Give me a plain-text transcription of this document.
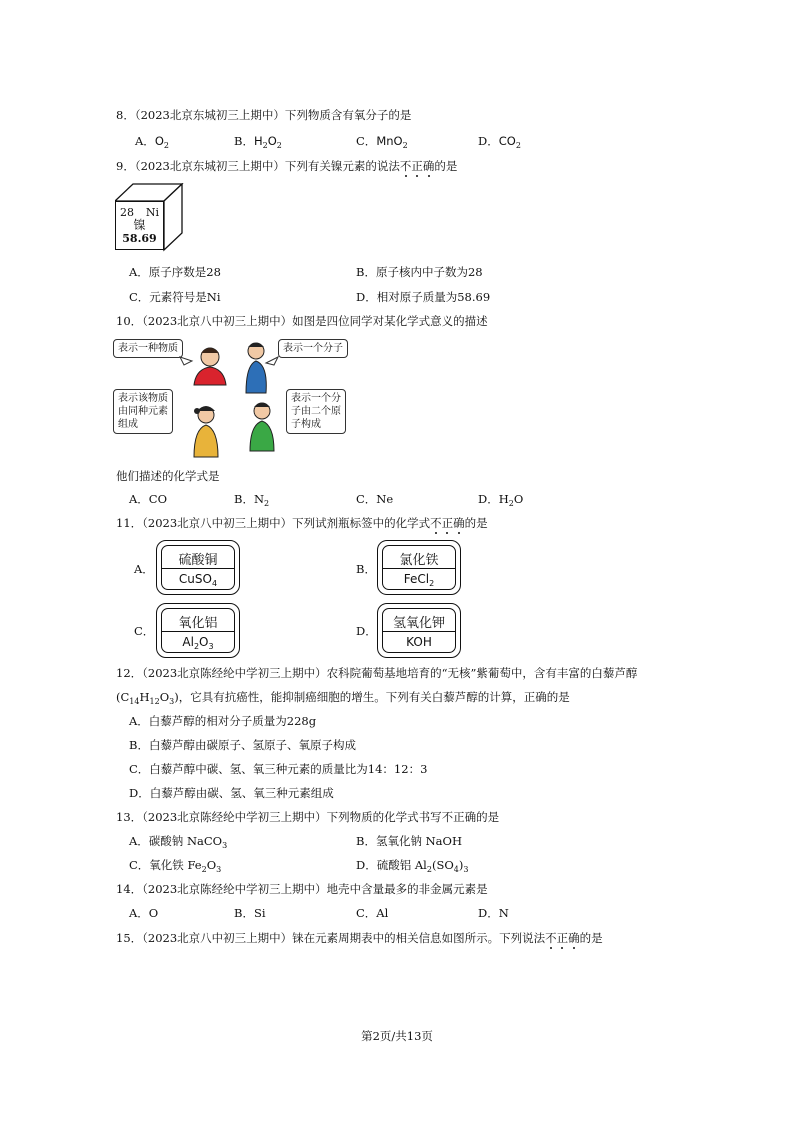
8．（2023北京东城初三上期中）下列物质含有氧分子的是
A．$O_2$	B．$H_2O_2$	C．MnO$_2$	D．$CO_2$
9．（2023北京东城初三上期中）下列有关镍元素的说法不正确的是
28 Ni
镍
58.69
A．原子序数是28	B．原子核内中子数为28
C．元素符号是Ni	D．相对原子质量为58.69
10．（2023北京八中初三上期中）如图是四位同学对某化学式意义的描述
表示一种物质	表示一个分子
表示该物质由同种元素组成
表示一个分子由二个原子构成
他们描述的化学式是
A．CO	B．$N_2$	C．Ne	D．$H_2O$
11．（2023北京八中初三上期中）下列试剂瓶标签中的化学式不正确的是
A．
硫酸铜
CuSO$_4$
B．
氯化铁
FeCl$_2$
C．	氧化铝
$Al_2O_3$
D．	氢氧化钾
KOH
12．（2023北京陈经纶中学初三上期中）农科院葡萄基地培育的“无核”紫葡萄中，含有丰富的白藜芦醇
$(C_{14}H_{12}O_3)$，它具有抗癌性，能抑制癌细胞的增生。下列有关白藜芦醇的计算，正确的是
A．白藜芦醇的相对分子质量为228g
B．白藜芦醇由碳原子、氢原子、氧原子构成
C．白藜芦醇中碳、氢、氧三种元素的质量比为14：12：3
D．白藜芦醇由碳、氢、氧三种元素组成
13．（2023北京陈经纶中学初三上期中）下列物质的化学式书写不正确的是
A．碳酸钠 NaCO$_3$	B．氢氧化钠 NaOH
C．氧化铁 $Fe_2O_3$	D．硫酸铝 $Al_2(SO_4)_3$
14．（2023北京陈经纶中学初三上期中）地壳中含量最多的非金属元素是
A．O	B．Si	C．Al	D．N
15．（2023北京八中初三上期中）铼在元素周期表中的相关信息如图所示。下列说法不正确的是
第2页/共13页
